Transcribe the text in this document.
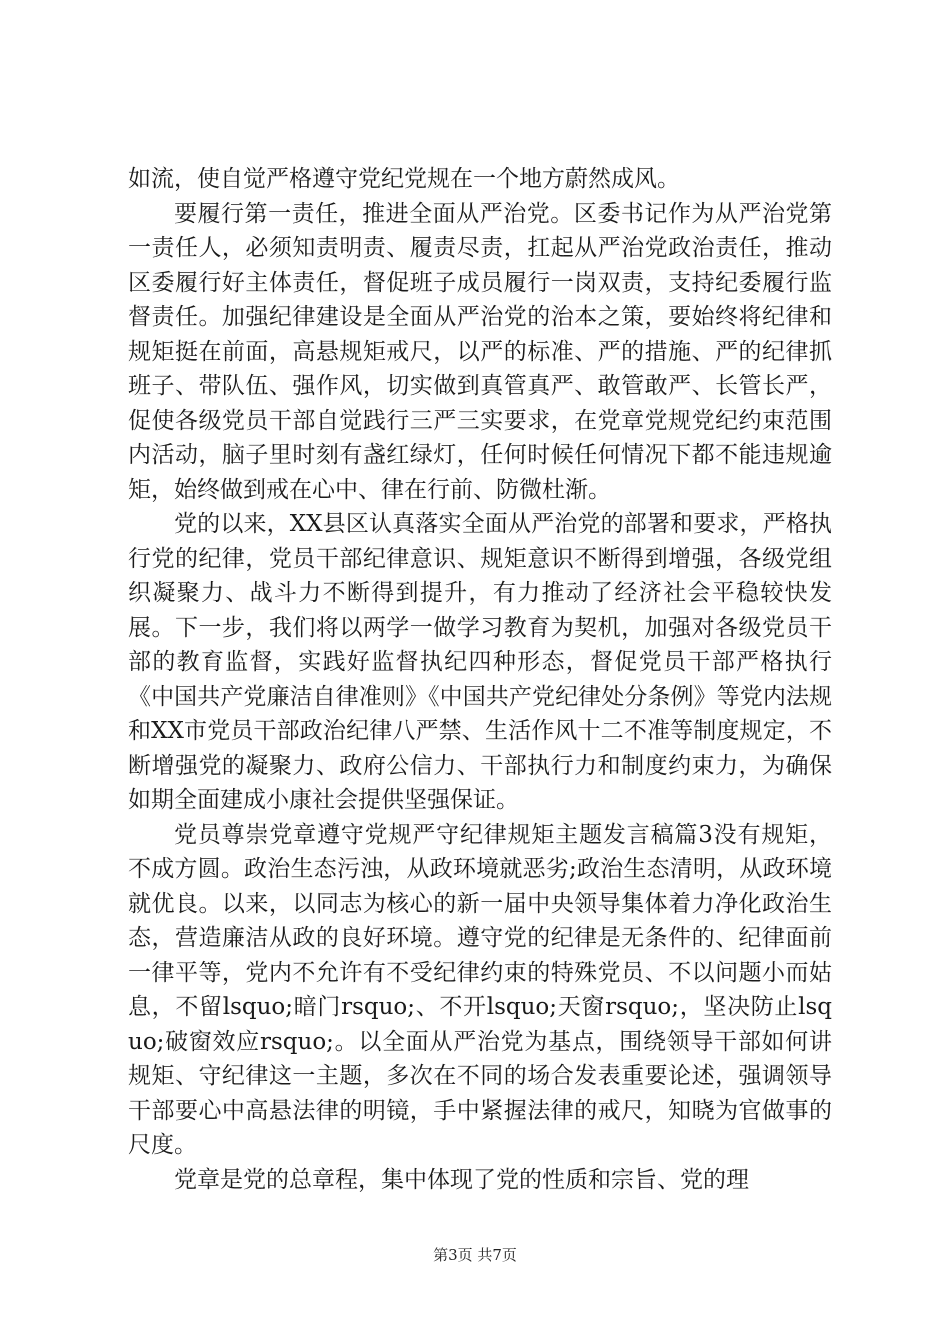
如流，使自觉严格遵守党纪党规在一个地方蔚然成风。

要履行第一责任，推进全面从严治党。区委书记作为从严治党第一责任人，必须知责明责、履责尽责，扛起从严治党政治责任，推动区委履行好主体责任，督促班子成员履行一岗双责，支持纪委履行监督责任。加强纪律建设是全面从严治党的治本之策，要始终将纪律和规矩挺在前面，高悬规矩戒尺，以严的标准、严的措施、严的纪律抓班子、带队伍、强作风，切实做到真管真严、敢管敢严、长管长严，促使各级党员干部自觉践行三严三实要求，在党章党规党纪约束范围内活动，脑子里时刻有盏红绿灯，任何时候任何情况下都不能违规逾矩，始终做到戒在心中、律在行前、防微杜渐。

党的以来，XX县区认真落实全面从严治党的部署和要求，严格执行党的纪律，党员干部纪律意识、规矩意识不断得到增强，各级党组织凝聚力、战斗力不断得到提升，有力推动了经济社会平稳较快发展。下一步，我们将以两学一做学习教育为契机，加强对各级党员干部的教育监督，实践好监督执纪四种形态，督促党员干部严格执行《中国共产党廉洁自律准则》《中国共产党纪律处分条例》等党内法规和XX市党员干部政治纪律八严禁、生活作风十二不准等制度规定，不断增强党的凝聚力、政府公信力、干部执行力和制度约束力，为确保如期全面建成小康社会提供坚强保证。

党员尊崇党章遵守党规严守纪律规矩主题发言稿篇3没有规矩，不成方圆。政治生态污浊，从政环境就恶劣;政治生态清明，从政环境就优良。以来，以同志为核心的新一届中央领导集体着力净化政治生态，营造廉洁从政的良好环境。遵守党的纪律是无条件的、纪律面前一律平等，党内不允许有不受纪律约束的特殊党员、不以问题小而姑息，不留lsquo;暗门rsquo;、不开lsquo;天窗rsquo;，坚决防止lsquo;破窗效应rsquo;。以全面从严治党为基点，围绕领导干部如何讲规矩、守纪律这一主题，多次在不同的场合发表重要论述，强调领导干部要心中高悬法律的明镜，手中紧握法律的戒尺，知晓为官做事的尺度。

党章是党的总章程，集中体现了党的性质和宗旨、党的理

第3页 共7页
